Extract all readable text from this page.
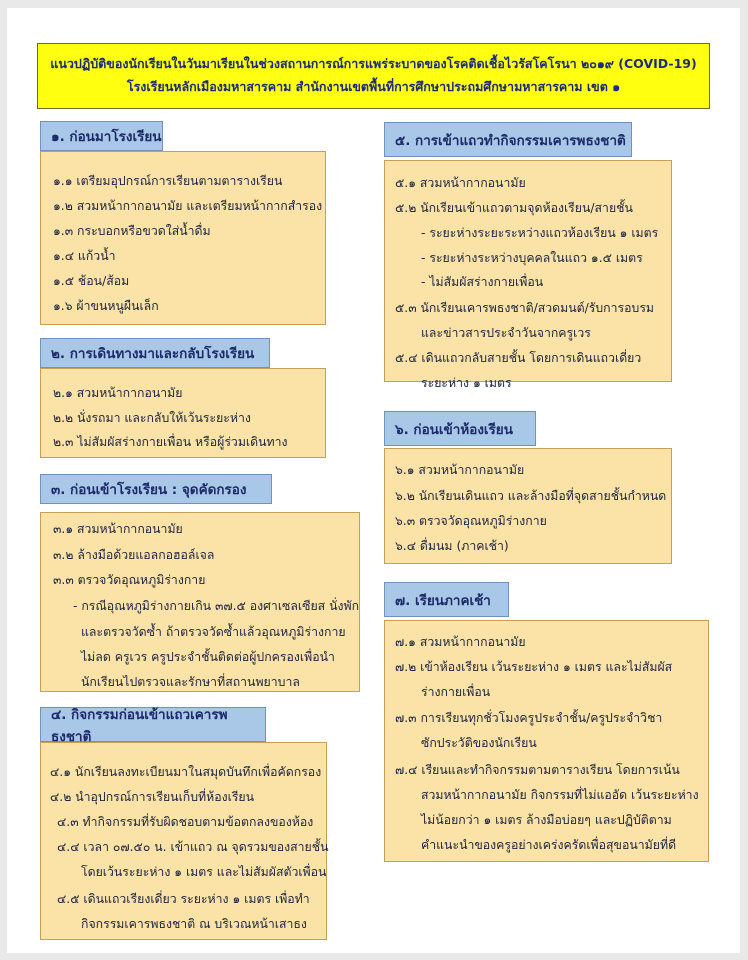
แนวปฏิบัติของนักเรียนในวันมาเรียนในช่วงสถานการณ์การแพร่ระบาดของโรคติดเชื้อไวรัสโคโรนา ๒๐๑๙ (COVID-19)
โรงเรียนหลักเมืองมหาสารคาม สำนักงานเขตพื้นที่การศึกษาประถมศึกษามหาสารคาม เขต ๑
๑. ก่อนมาโรงเรียน
๑.๑ เตรียมอุปกรณ์การเรียนตามตารางเรียน
๑.๒ สวมหน้ากากอนามัย และเตรียมหน้ากากสำรอง
๑.๓ กระบอกหรือขวดใส่น้ำดื่ม
๑.๔ แก้วน้ำ
๑.๕ ช้อน/ส้อม
๑.๖ ผ้าขนหนูผืนเล็ก
๒. การเดินทางมาและกลับโรงเรียน
๒.๑ สวมหน้ากากอนามัย
๒.๒ นั่งรถมา และกลับให้เว้นระยะห่าง
๒.๓ ไม่สัมผัสร่างกายเพื่อน หรือผู้ร่วมเดินทาง
๓. ก่อนเข้าโรงเรียน : จุดคัดกรอง
๓.๑ สวมหน้ากากอนามัย
๓.๒ ล้างมือด้วยแอลกอฮอล์เจล
๓.๓ ตรวจวัดอุณหภูมิร่างกาย
- กรณีอุณหภูมิร่างกายเกิน ๓๗.๕ องศาเซลเซียส นั่งพัก
และตรวจวัดซ้ำ ถ้าตรวจวัดซ้ำแล้วอุณหภูมิร่างกาย
ไม่ลด ครูเวร ครูประจำชั้นติดต่อผู้ปกครองเพื่อนำ
นักเรียนไปตรวจและรักษาที่สถานพยาบาล
๔. กิจกรรมก่อนเข้าแถวเคารพธงชาติ
๔.๑ นักเรียนลงทะเบียนมาในสมุดบันทึกเพื่อคัดกรอง
๔.๒ นำอุปกรณ์การเรียนเก็บที่ห้องเรียน
๔.๓ ทำกิจกรรมที่รับผิดชอบตามข้อตกลงของห้อง
๔.๔ เวลา ๐๗.๕๐ น. เข้าแถว ณ จุดรวมของสายชั้น
โดยเว้นระยะห่าง ๑ เมตร และไม่สัมผัสตัวเพื่อน
๔.๕ เดินแถวเรียงเดี่ยว ระยะห่าง ๑ เมตร เพื่อทำ
กิจกรรมเคารพธงชาติ ณ บริเวณหน้าเสาธง
๕. การเข้าแถวทำกิจกรรมเคารพธงชาติ
๕.๑ สวมหน้ากากอนามัย
๕.๒ นักเรียนเข้าแถวตามจุดห้องเรียน/สายชั้น
- ระยะห่างระยะระหว่างแถวห้องเรียน ๑ เมตร
- ระยะห่างระหว่างบุคคลในแถว ๑.๕ เมตร
- ไม่สัมผัสร่างกายเพื่อน
๕.๓ นักเรียนเคารพธงชาติ/สวดมนต์/รับการอบรม
และข่าวสารประจำวันจากครูเวร
๕.๔ เดินแถวกลับสายชั้น โดยการเดินแถวเดี่ยว
ระยะห่าง ๑ เมตร
๖. ก่อนเข้าห้องเรียน
๖.๑ สวมหน้ากากอนามัย
๖.๒ นักเรียนเดินแถว และล้างมือที่จุดสายชั้นกำหนด
๖.๓ ตรวจวัดอุณหภูมิร่างกาย
๖.๔ ดื่มนม (ภาคเช้า)
๗. เรียนภาคเช้า
๗.๑ สวมหน้ากากอนามัย
๗.๒ เข้าห้องเรียน เว้นระยะห่าง ๑ เมตร และไม่สัมผัส
ร่างกายเพื่อน
๗.๓ การเรียนทุกชั่วโมงครูประจำชั้น/ครูประจำวิชา
ซักประวัติของนักเรียน
๗.๔ เรียนและทำกิจกรรมตามตารางเรียน โดยการเน้น
สวมหน้ากากอนามัย กิจกรรมที่ไม่แออัด เว้นระยะห่าง
ไม่น้อยกว่า ๑ เมตร ล้างมือบ่อยๆ และปฏิบัติตาม
คำแนะนำของครูอย่างเคร่งครัดเพื่อสุขอนามัยที่ดี
